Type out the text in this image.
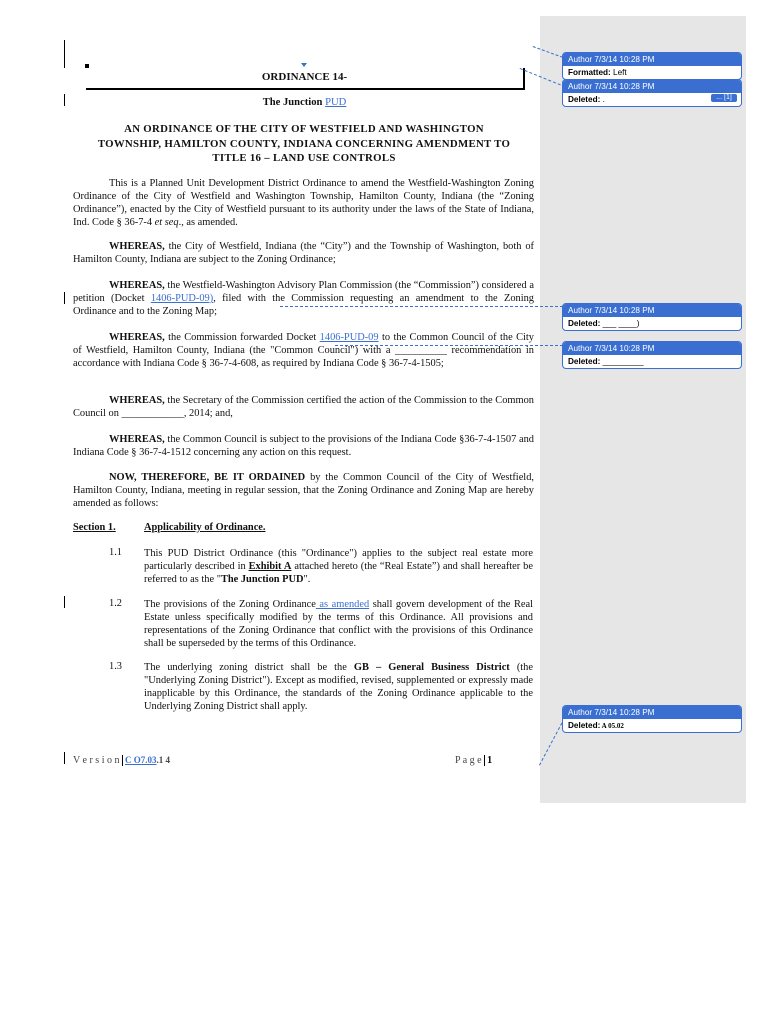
ORDINANCE 14-
The Junction PUD
AN ORDINANCE OF THE CITY OF WESTFIELD AND WASHINGTON
TOWNSHIP, HAMILTON COUNTY, INDIANA CONCERNING AMENDMENT TO
TITLE 16 – LAND USE CONTROLS
This is a Planned Unit Development District Ordinance to amend the Westfield-Washington Zoning Ordinance of the City of Westfield and Washington Township, Hamilton County, Indiana (the “Zoning Ordinance”), enacted by the City of Westfield pursuant to its authority under the laws of the State of Indiana, Ind. Code § 36-7-4 et seq., as amended.
WHEREAS, the City of Westfield, Indiana (the “City”) and the Township of Washington, both of Hamilton County, Indiana are subject to the Zoning Ordinance;
WHEREAS, the Westfield-Washington Advisory Plan Commission (the “Commission”) considered a petition (Docket 1406-PUD-09), filed with the Commission requesting an amendment to the Zoning Ordinance and to the Zoning Map;
WHEREAS, the Commission forwarded Docket 1406-PUD-09 to the Common Council of the City of Westfield, Hamilton County, Indiana (the "Common Council") with a __________ recommendation in accordance with Indiana Code § 36-7-4-608, as required by Indiana Code § 36-7-4-1505;
WHEREAS, the Secretary of the Commission certified the action of the Commission to the Common Council on ____________, 2014; and,
WHEREAS, the Common Council is subject to the provisions of the Indiana Code §36-7-4-1507 and Indiana Code § 36-7-4-1512 concerning any action on this request.
NOW, THEREFORE, BE IT ORDAINED by the Common Council of the City of Westfield, Hamilton County, Indiana, meeting in regular session, that the Zoning Ordinance and Zoning Map are hereby amended as follows:
Section 1.	Applicability of Ordinance.
1.1 This PUD District Ordinance (this "Ordinance") applies to the subject real estate more particularly described in Exhibit A attached hereto (the “Real Estate”) and shall hereafter be referred to as the "The Junction PUD".
1.2 The provisions of the Zoning Ordinance as amended shall govern development of the Real Estate unless specifically modified by the terms of this Ordinance. All provisions and representations of the Zoning Ordinance that conflict with the provisions of this Ordinance shall be superseded by the terms of this Ordinance.
1.3 The underlying zoning district shall be the GB – General Business District (the "Underlying Zoning District"). Except as modified, revised, supplemented or expressly made inapplicable by this Ordinance, the standards of the Zoning Ordinance applicable to the Underlying Zoning District shall apply.
V e r s i o n C O7.03.1 4	P a g e 1
Author 7/3/14 10:28 PM
Formatted: Left
Author 7/3/14 10:28 PM
Deleted: .	... [1]
Author 7/3/14 10:28 PM
Deleted: ___ ____)
Author 7/3/14 10:28 PM
Deleted: _________
Author 7/3/14 10:28 PM
Deleted: A 05.02
